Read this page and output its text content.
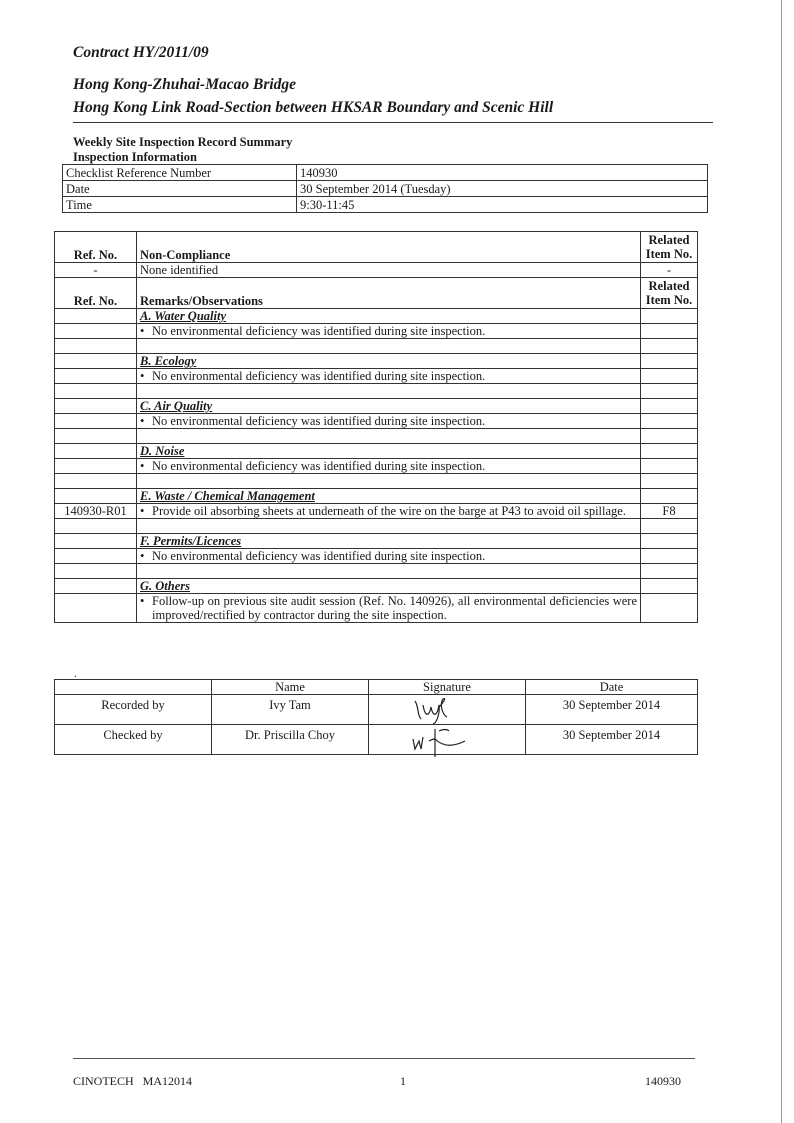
Contract HY/2011/09
Hong Kong-Zhuhai-Macao Bridge
Hong Kong Link Road-Section between HKSAR Boundary and Scenic Hill
Weekly Site Inspection Record Summary
Inspection Information
Checklist Reference Number	140930
Date	30 September 2014 (Tuesday)
Time	9:30-11:45
Ref. No.	Non-Compliance	Related
Item No.

-	None identified	-
Ref. No.	Remarks/Observations	Related
Item No.

	A. Water Quality	

	• No environmental deficiency was identified during site inspection.	

	B. Ecology	

	• No environmental deficiency was identified during site inspection.	

	C. Air Quality	

	• No environmental deficiency was identified during site inspection.	

	D. Noise	

	• No environmental deficiency was identified during site inspection.	

	E. Waste / Chemical Management	
140930-R01	• Provide oil absorbing sheets at underneath of the wire on the barge at P43 to avoid oil spillage.	F8

	F. Permits/Licences	

	• No environmental deficiency was identified during site inspection.	

	G. Others	

	• Follow-up on previous site audit session (Ref. No. 140926), all environmental deficiencies were improved/rectified by contractor during the site inspection.	

.
	Name	Signature	Date
Recorded by	Ivy Tam		30 September 2014
Checked by	Dr. Priscilla Choy		30 September 2014
CINOTECH   MA12014	1	140930
